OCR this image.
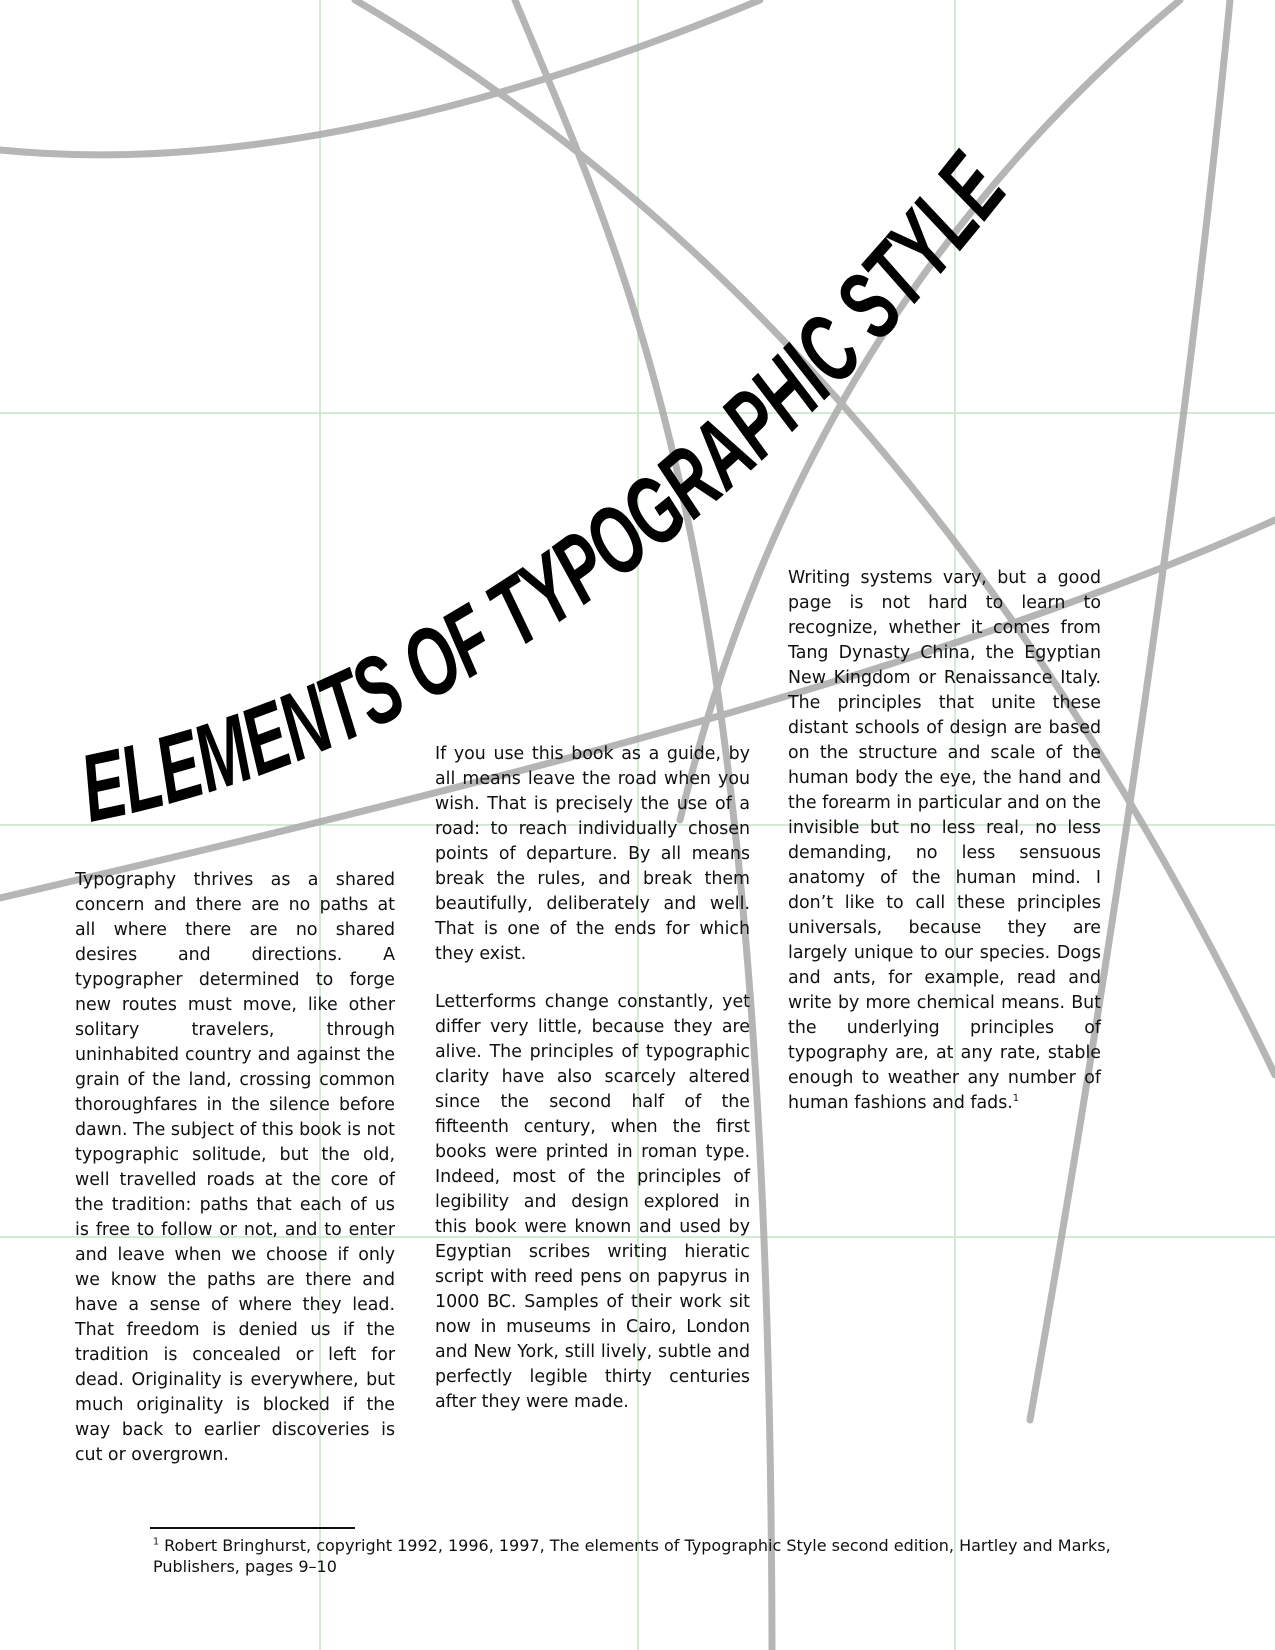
ELEMENTS OF TYPOGRAPHIC STYLE

Typography thrives as a shared concern and there are no paths at all where there are no shared desires and directions. A typographer determined to forge new routes must move, like other solitary travelers, through uninhabited country and against the grain of the land, crossing common thoroughfares in the silence before dawn. The subject of this book is not typographic solitude, but the old, well travelled roads at the core of the tradition: paths that each of us is free to follow or not, and to enter and leave when we choose if only we know the paths are there and have a sense of where they lead. That freedom is denied us if the tradition is concealed or left for dead. Originality is everywhere, but much originality is blocked if the way back to earlier discoveries is cut or overgrown.

If you use this book as a guide, by all means leave the road when you wish. That is precisely the use of a road: to reach individually chosen points of departure. By all means break the rules, and break them beautifully, deliberately and well. That is one of the ends for which they exist.

Letterforms change constantly, yet differ very little, because they are alive. The principles of typographic clarity have also scarcely altered since the second half of the fifteenth century, when the first books were printed in roman type. Indeed, most of the principles of legibility and design explored in this book were known and used by Egyptian scribes writing hieratic script with reed pens on papyrus in 1000 BC. Samples of their work sit now in museums in Cairo, London and New York, still lively, subtle and perfectly legible thirty centuries after they were made.

Writing systems vary, but a good page is not hard to learn to recognize, whether it comes from Tang Dynasty China, the Egyptian New Kingdom or Renaissance Italy. The principles that unite these distant schools of design are based on the structure and scale of the human body the eye, the hand and the forearm in particular and on the invisible but no less real, no less demanding, no less sensuous anatomy of the human mind. I don’t like to call these principles universals, because they are largely unique to our species. Dogs and ants, for example, read and write by more chemical means. But the underlying principles of typography are, at any rate, stable enough to weather any number of human fashions and fads.$^1$

$^1$ Robert Bringhurst, copyright 1992, 1996, 1997, The elements of Typographic Style second edition, Hartley and Marks, Publishers, pages 9–10
